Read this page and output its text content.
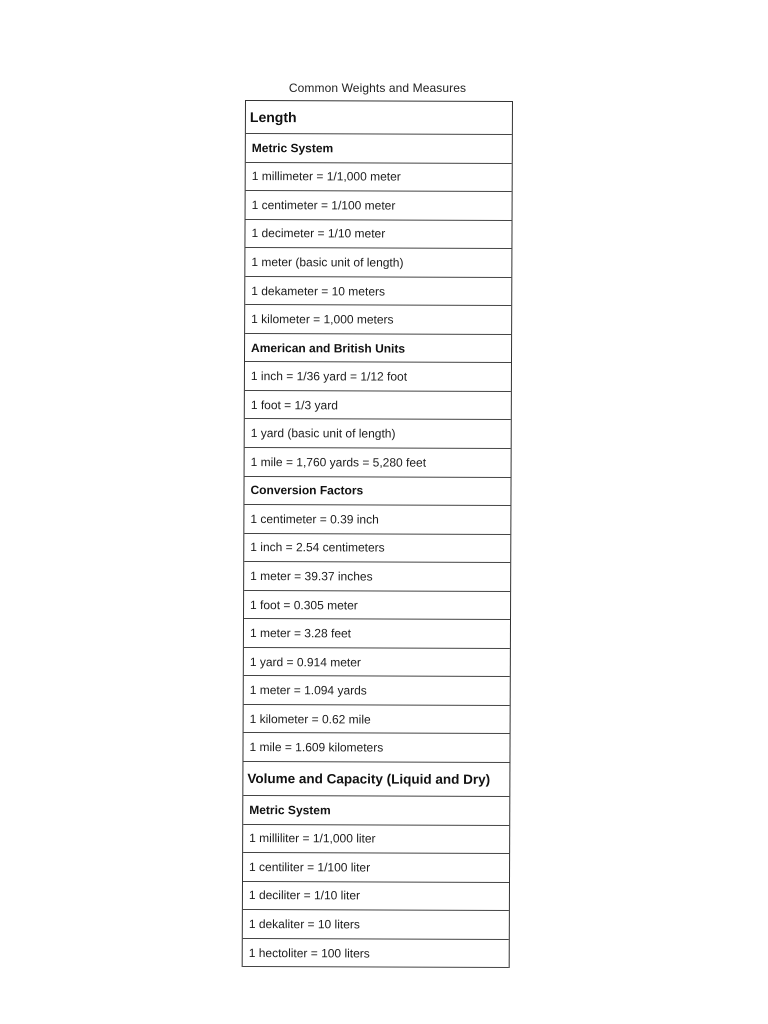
Common Weights and Measures
Length
Metric System
1 millimeter = 1/1,000 meter
1 centimeter = 1/100 meter
1 decimeter = 1/10 meter
1 meter (basic unit of length)
1 dekameter = 10 meters
1 kilometer = 1,000 meters
American and British Units
1 inch = 1/36 yard = 1/12 foot
1 foot = 1/3 yard
1 yard (basic unit of length)
1 mile = 1,760 yards = 5,280 feet
Conversion Factors
1 centimeter = 0.39 inch
1 inch = 2.54 centimeters
1 meter = 39.37 inches
1 foot = 0.305 meter
1 meter = 3.28 feet
1 yard = 0.914 meter
1 meter = 1.094 yards
1 kilometer = 0.62 mile
1 mile = 1.609 kilometers
Volume and Capacity (Liquid and Dry)
Metric System
1 milliliter = 1/1,000 liter
1 centiliter = 1/100 liter
1 deciliter = 1/10 liter
1 dekaliter = 10 liters
1 hectoliter = 100 liters
